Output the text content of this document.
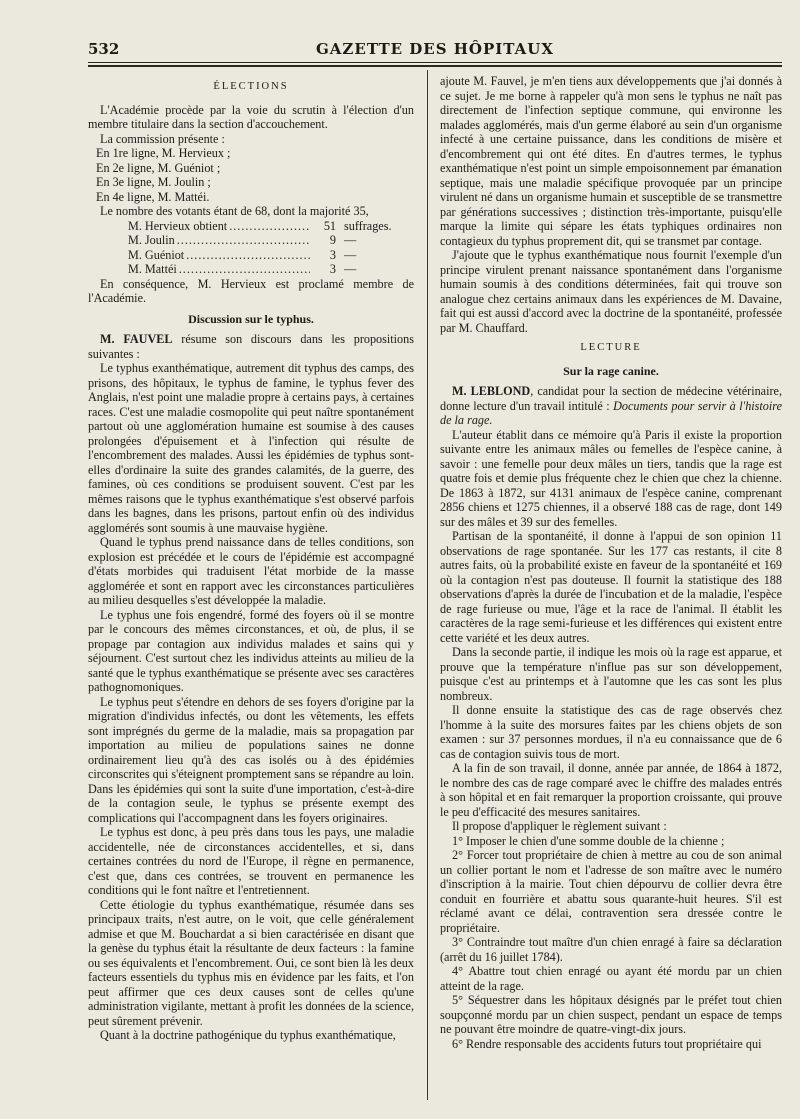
532	GAZETTE DES HÔPITAUX
ÉLECTIONS

L'Académie procède par la voie du scrutin à l'élection d'un membre titulaire dans la section d'accouchement.

La commission présente :

En 1re ligne, M. Hervieux ;

En 2e ligne, M. Guéniot ;

En 3e ligne, M. Joulin ;

En 4e ligne, M. Mattéi.

Le nombre des votants étant de 68, dont la majorité 35,

M. Hervieux obtient .....	51 suffrages.
M. Joulin .....	9 —
M. Guéniot .....	3 —
M. Mattéi .....	3 —

En conséquence, M. Hervieux est proclamé membre de l'Académie.

Discussion sur le typhus.

M. FAUVEL résume son discours dans les propositions suivantes :

Le typhus exanthématique, autrement dit typhus des camps, des prisons, des hôpitaux, le typhus de famine, le typhus fever des Anglais, n'est point une maladie propre à certains pays, à certaines races. C'est une maladie cosmopolite qui peut naître spontanément partout où une agglomération humaine est soumise à des causes prolongées d'épuisement et à l'infection qui résulte de l'encombrement des malades. Aussi les épidémies de typhus sont-elles d'ordinaire la suite des grandes calamités, de la guerre, des famines, où ces conditions se produisent souvent. C'est par les mêmes raisons que le typhus exanthématique s'est observé parfois dans les bagnes, dans les prisons, partout enfin où des individus agglomérés sont soumis à une mauvaise hygiène.

Quand le typhus prend naissance dans de telles conditions, son explosion est précédée et le cours de l'épidémie est accompagné d'états morbides qui traduisent l'état morbide de la masse agglomérée et sont en rapport avec les circonstances particulières au milieu desquelles s'est développée la maladie.

Le typhus une fois engendré, formé des foyers où il se montre par le concours des mêmes circonstances, et où, de plus, il se propage par contagion aux individus malades et sains qui y séjournent. C'est surtout chez les individus atteints au milieu de la santé que le typhus exanthématique se présente avec ses caractères pathognomoniques.

Le typhus peut s'étendre en dehors de ses foyers d'origine par la migration d'individus infectés, ou dont les vêtements, les effets sont imprégnés du germe de la maladie, mais sa propagation par importation au milieu de populations saines ne donne ordinairement lieu qu'à des cas isolés ou à des épidémies circonscrites qui s'éteignent promptement sans se répandre au loin. Dans les épidémies qui sont la suite d'une importation, c'est-à-dire de la contagion seule, le typhus se présente exempt des complications qui l'accompagnent dans les foyers originaires.

Le typhus est donc, à peu près dans tous les pays, une maladie accidentelle, née de circonstances accidentelles, et si, dans certaines contrées du nord de l'Europe, il règne en permanence, c'est que, dans ces contrées, se trouvent en permanence les conditions qui le font naître et l'entretiennent.

Cette étiologie du typhus exanthématique, résumée dans ses principaux traits, n'est autre, on le voit, que celle généralement admise et que M. Bouchardat a si bien caractérisée en disant que la genèse du typhus était la résultante de deux facteurs : la famine ou ses équivalents et l'encombrement. Oui, ce sont bien là les deux facteurs essentiels du typhus mis en évidence par les faits, et l'on peut affirmer que ces deux causes sont de celles qu'une administration vigilante, mettant à profit les données de la science, peut sûrement prévenir.

Quant à la doctrine pathogénique du typhus exanthématique,

ajoute M. Fauvel, je m'en tiens aux développements que j'ai donnés à ce sujet. Je me borne à rappeler qu'à mon sens le typhus ne naît pas directement de l'infection septique commune, qui environne les malades agglomérés, mais d'un germe élaboré au sein d'un organisme infecté à une certaine puissance, dans les conditions de misère et d'encombrement qui ont été dites. En d'autres termes, le typhus exanthématique n'est point un simple empoisonnement par émanation septique, mais une maladie spécifique provoquée par un principe virulent né dans un organisme humain et susceptible de se transmettre par générations successives ; distinction très-importante, puisqu'elle marque la limite qui sépare les états typhiques ordinaires non contagieux du typhus proprement dit, qui se transmet par contage.

J'ajoute que le typhus exanthématique nous fournit l'exemple d'un principe virulent prenant naissance spontanément dans l'organisme humain soumis à des conditions déterminées, fait qui trouve son analogue chez certains animaux dans les expériences de M. Davaine, fait qui est aussi d'accord avec la doctrine de la spontanéité, professée par M. Chauffard.

LECTURE
Sur la rage canine.

M. LEBLOND, candidat pour la section de médecine vétérinaire, donne lecture d'un travail intitulé : Documents pour servir à l'histoire de la rage.

L'auteur établit dans ce mémoire qu'à Paris il existe la proportion suivante entre les animaux mâles ou femelles de l'espèce canine, à savoir : une femelle pour deux mâles un tiers, tandis que la rage est quatre fois et demie plus fréquente chez le chien que chez la chienne. De 1863 à 1872, sur 4131 animaux de l'espèce canine, comprenant 2856 chiens et 1275 chiennes, il a observé 188 cas de rage, dont 149 sur des mâles et 39 sur des femelles.

Partisan de la spontanéité, il donne à l'appui de son opinion 11 observations de rage spontanée. Sur les 177 cas restants, il cite 8 autres faits, où la probabilité existe en faveur de la spontanéité et 169 où la contagion n'est pas douteuse. Il fournit la statistique des 188 observations d'après la durée de l'incubation et de la maladie, l'espèce de rage furieuse ou mue, l'âge et la race de l'animal. Il établit les caractères de la rage semi-furieuse et les différences qui existent entre cette variété et les deux autres.

Dans la seconde partie, il indique les mois où la rage est apparue, et prouve que la température n'influe pas sur son développement, puisque c'est au printemps et à l'automne que les cas sont les plus nombreux.

Il donne ensuite la statistique des cas de rage observés chez l'homme à la suite des morsures faites par les chiens objets de son examen : sur 37 personnes mordues, il n'a eu connaissance que de 6 cas de contagion suivis tous de mort.

A la fin de son travail, il donne, année par année, de 1864 à 1872, le nombre des cas de rage comparé avec le chiffre des malades entrés à son hôpital et en fait remarquer la proportion croissante, qui prouve le peu d'efficacité des mesures sanitaires.

Il propose d'appliquer le règlement suivant :

1° Imposer le chien d'une somme double de la chienne ;

2° Forcer tout propriétaire de chien à mettre au cou de son animal un collier portant le nom et l'adresse de son maître avec le numéro d'inscription à la mairie. Tout chien dépourvu de collier devra être conduit en fourrière et abattu sous quarante-huit heures. S'il est réclamé avant ce délai, contravention sera dressée contre le propriétaire.

3° Contraindre tout maître d'un chien enragé à faire sa déclaration (arrêt du 16 juillet 1784).

4° Abattre tout chien enragé ou ayant été mordu par un chien atteint de la rage.

5° Séquestrer dans les hôpitaux désignés par le préfet tout chien soupçonné mordu par un chien suspect, pendant un espace de temps ne pouvant être moindre de quatre-vingt-dix jours.

6° Rendre responsable des accidents futurs tout propriétaire qui
